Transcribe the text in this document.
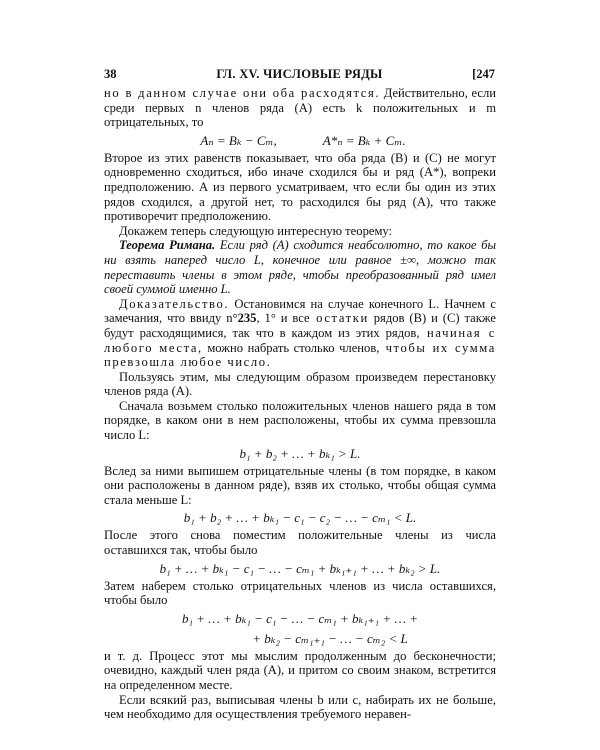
38	ГЛ. XV. ЧИСЛОВЫЕ РЯДЫ	[247

но в данном случае они оба расходятся. Действительно, если среди первых n членов ряда (А) есть k положительных и m отрицательных, то

Aₙ = Bₖ − Cₘ,	A*ₙ = Bₖ + Cₘ.

Второе из этих равенств показывает, что оба ряда (В) и (С) не могут одновременно сходиться, ибо иначе сходился бы и ряд (А*), вопреки предположению. А из первого усматриваем, что если бы один из этих рядов сходился, а другой нет, то расходился бы ряд (А), что также противоречит предположению.

Докажем теперь следующую интересную теорему:

Теорема Римана. Если ряд (А) сходится неабсолютно, то какое бы ни взять наперед число L, конечное или равное ±∞, можно так переставить члены в этом ряде, чтобы преобразованный ряд имел своей суммой именно L.

Доказательство. Остановимся на случае конечного L. Начнем с замечания, что ввиду n°235, 1° и все остатки рядов (В) и (С) также будут расходящимися, так что в каждом из этих рядов, начиная с любого места, можно набрать столько членов, чтобы их сумма превзошла любое число.

Пользуясь этим, мы следующим образом произведем перестановку членов ряда (А).

Сначала возьмем столько положительных членов нашего ряда в том порядке, в каком они в нем расположены, чтобы их сумма превзошла число L:

b₁ + b₂ + … + bₖ₁ > L.

Вслед за ними выпишем отрицательные члены (в том порядке, в каком они расположены в данном ряде), взяв их столько, чтобы общая сумма стала меньше L:

b₁ + b₂ + … + bₖ₁ − c₁ − c₂ − … − cₘ₁ < L.

После этого снова поместим положительные члены из числа оставшихся так, чтобы было

b₁ + … + bₖ₁ − c₁ − … − cₘ₁ + bₖ₁₊₁ + … + bₖ₂ > L.

Затем наберем столько отрицательных членов из числа оставшихся, чтобы было

b₁ + … + bₖ₁ − c₁ − … − cₘ₁ + bₖ₁₊₁ + … +
+ bₖ₂ − cₘ₁₊₁ − … − cₘ₂ < L

и т. д. Процесс этот мы мыслим продолженным до бесконечности; очевидно, каждый член ряда (А), и притом со своим знаком, встретится на определенном месте.

Если всякий раз, выписывая члены b или c, набирать их не больше, чем необходимо для осуществления требуемого неравен-
